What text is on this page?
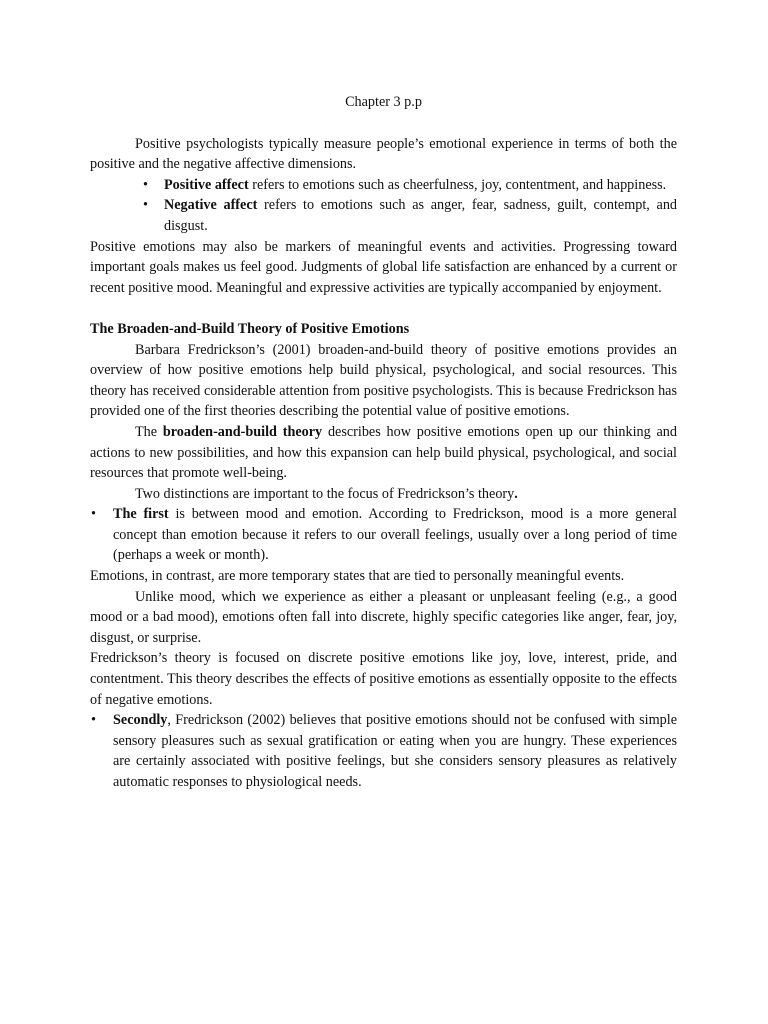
Chapter 3 p.p

Positive psychologists typically measure people’s emotional experience in terms of both the positive and the negative affective dimensions.

• Positive affect refers to emotions such as cheerfulness, joy, contentment, and happiness.
• Negative affect refers to emotions such as anger, fear, sadness, guilt, contempt, and disgust.

Positive emotions may also be markers of meaningful events and activities. Progressing toward important goals makes us feel good. Judgments of global life satisfaction are enhanced by a current or recent positive mood. Meaningful and expressive activities are typically accompanied by enjoyment.

The Broaden-and-Build Theory of Positive Emotions

Barbara Fredrickson’s (2001) broaden-and-build theory of positive emotions provides an overview of how positive emotions help build physical, psychological, and social resources. This theory has received considerable attention from positive psychologists. This is because Fredrickson has provided one of the first theories describing the potential value of positive emotions.

The broaden-and-build theory describes how positive emotions open up our thinking and actions to new possibilities, and how this expansion can help build physical, psychological, and social resources that promote well-being.

Two distinctions are important to the focus of Fredrickson’s theory.

• The first is between mood and emotion. According to Fredrickson, mood is a more general concept than emotion because it refers to our overall feelings, usually over a long period of time (perhaps a week or month).

Emotions, in contrast, are more temporary states that are tied to personally meaningful events.

Unlike mood, which we experience as either a pleasant or unpleasant feeling (e.g., a good mood or a bad mood), emotions often fall into discrete, highly specific categories like anger, fear, joy, disgust, or surprise.

Fredrickson’s theory is focused on discrete positive emotions like joy, love, interest, pride, and contentment. This theory describes the effects of positive emotions as essentially opposite to the effects of negative emotions.

• Secondly, Fredrickson (2002) believes that positive emotions should not be confused with simple sensory pleasures such as sexual gratification or eating when you are hungry. These experiences are certainly associated with positive feelings, but she considers sensory pleasures as relatively automatic responses to physiological needs.
